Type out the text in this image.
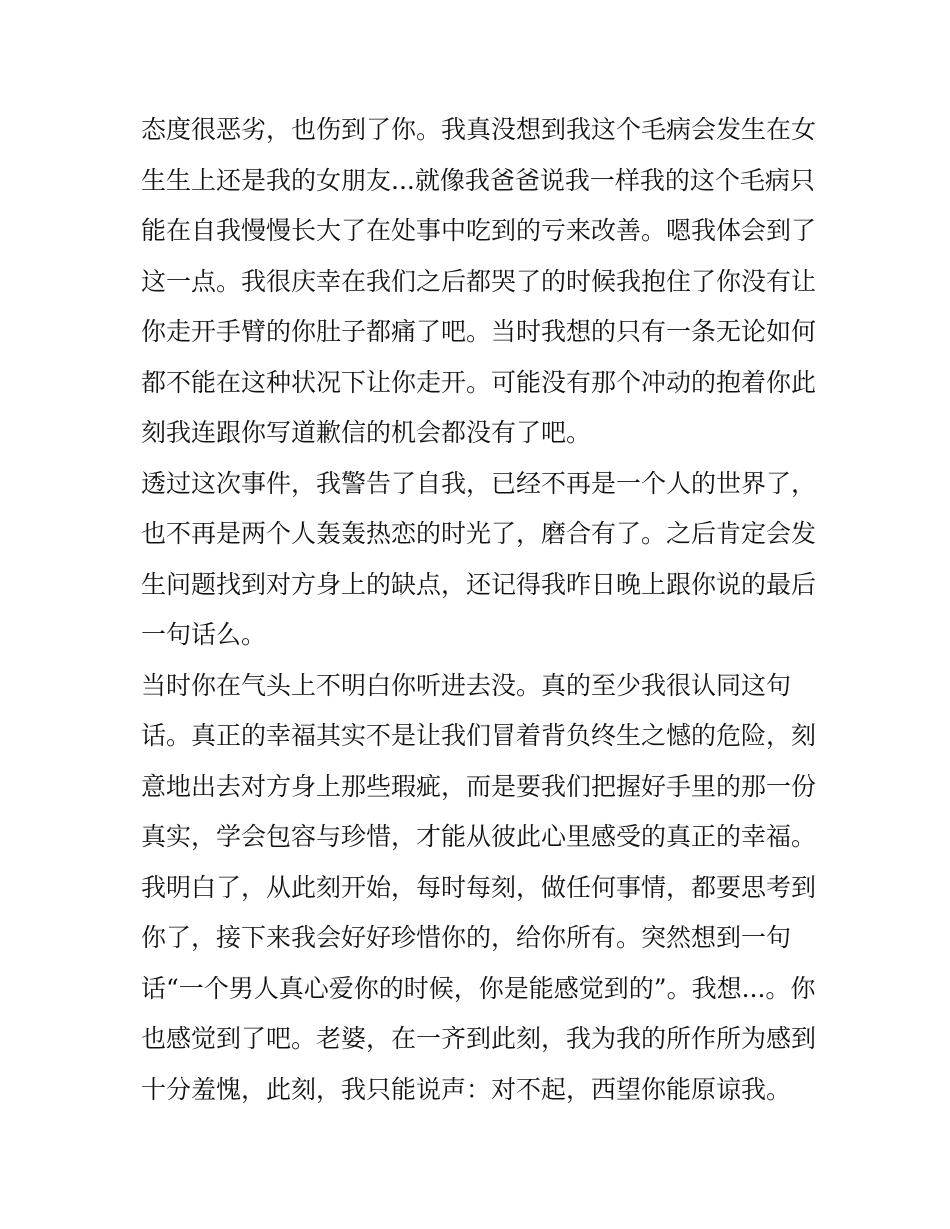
态度很恶劣，也伤到了你。我真没想到我这个毛病会发生在女
生生上还是我的女朋友...就像我爸爸说我一样我的这个毛病只
能在自我慢慢长大了在处事中吃到的亏来改善。嗯我体会到了
这一点。我很庆幸在我们之后都哭了的时候我抱住了你没有让
你走开手臂的你肚子都痛了吧。当时我想的只有一条无论如何
都不能在这种状况下让你走开。可能没有那个冲动的抱着你此
刻我连跟你写道歉信的机会都没有了吧。
透过这次事件，我警告了自我，已经不再是一个人的世界了，
也不再是两个人轰轰热恋的时光了，磨合有了。之后肯定会发
生问题找到对方身上的缺点，还记得我昨日晚上跟你说的最后
一句话么。
当时你在气头上不明白你听进去没。真的至少我很认同这句
话。真正的幸福其实不是让我们冒着背负终生之憾的危险，刻
意地出去对方身上那些瑕疵，而是要我们把握好手里的那一份
真实，学会包容与珍惜，才能从彼此心里感受的真正的幸福。
我明白了，从此刻开始，每时每刻，做任何事情，都要思考到
你了，接下来我会好好珍惜你的，给你所有。突然想到一句
话“一个男人真心爱你的时候，你是能感觉到的”。我想...。你
也感觉到了吧。老婆，在一齐到此刻，我为我的所作所为感到
十分羞愧，此刻，我只能说声：对不起，西望你能原谅我。
